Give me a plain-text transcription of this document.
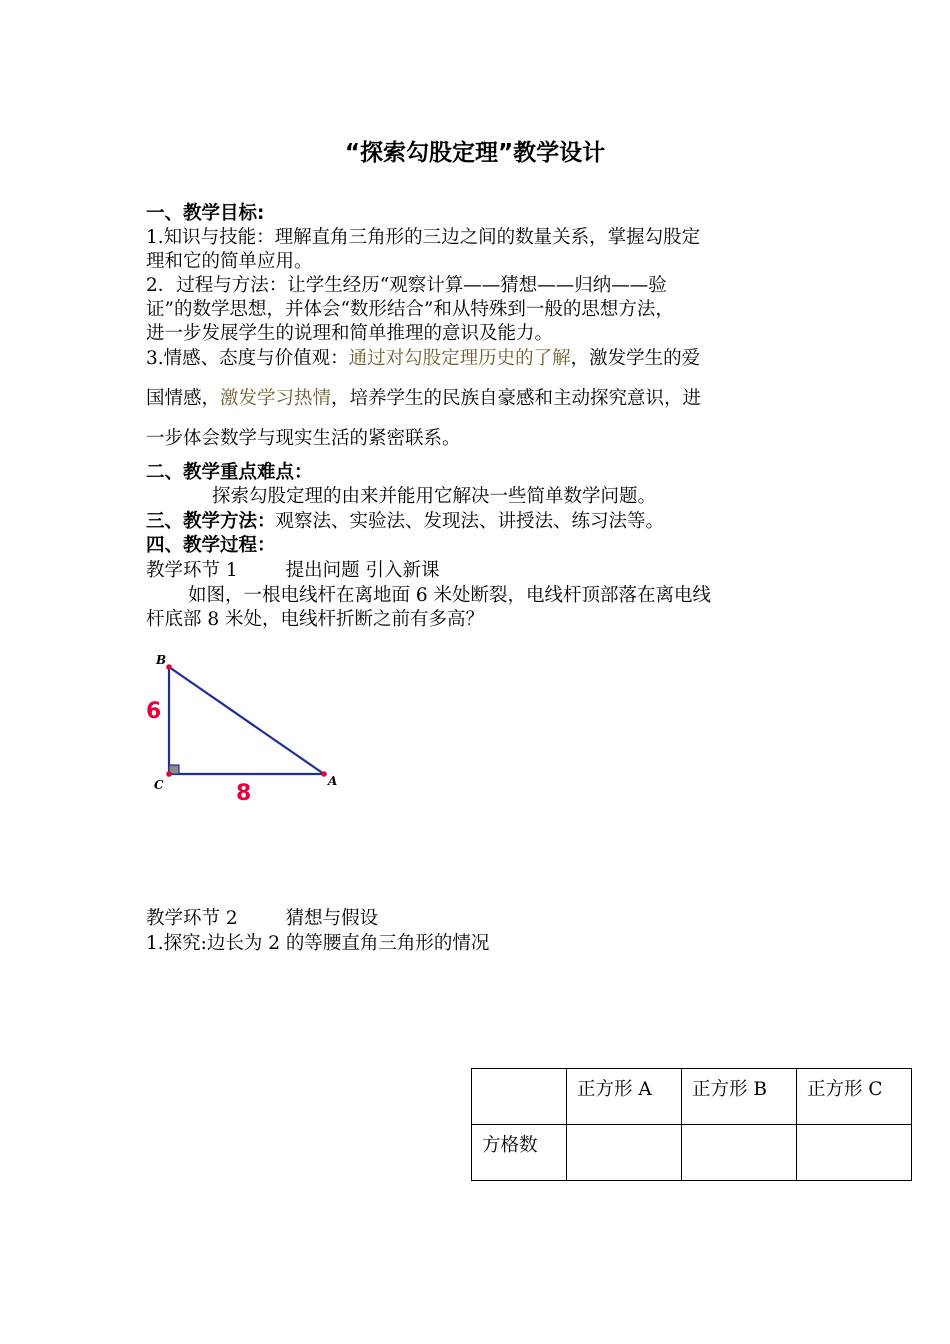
“探索勾股定理”教学设计
一、教学目标:
1.知识与技能：理解直角三角形的三边之间的数量关系，掌握勾股定
理和它的简单应用。
2．过程与方法：让学生经历“观察计算——猜想——归纳——验
证”的数学思想，并体会“数形结合”和从特殊到一般的思想方法，
进一步发展学生的说理和简单推理的意识及能力。
3.情感、态度与价值观：通过对勾股定理历史的了解，激发学生的爱
国情感，激发学习热情，培养学生的民族自豪感和主动探究意识，进
一步体会数学与现实生活的紧密联系。
二、教学重点难点：
探索勾股定理的由来并能用它解决一些简单数学问题。
三、教学方法：观察法、实验法、发现法、讲授法、练习法等。
四、教学过程：
教学环节 1	提出问题 引入新课
如图，一根电线杆在离地面 6 米处断裂，电线杆顶部落在离电线
杆底部 8 米处，电线杆折断之前有多高？
B
C	A
6
8
教学环节 2	猜想与假设
1.探究:边长为 2 的等腰直角三角形的情况
	正方形 A	正方形 B	正方形 C
方格数			
